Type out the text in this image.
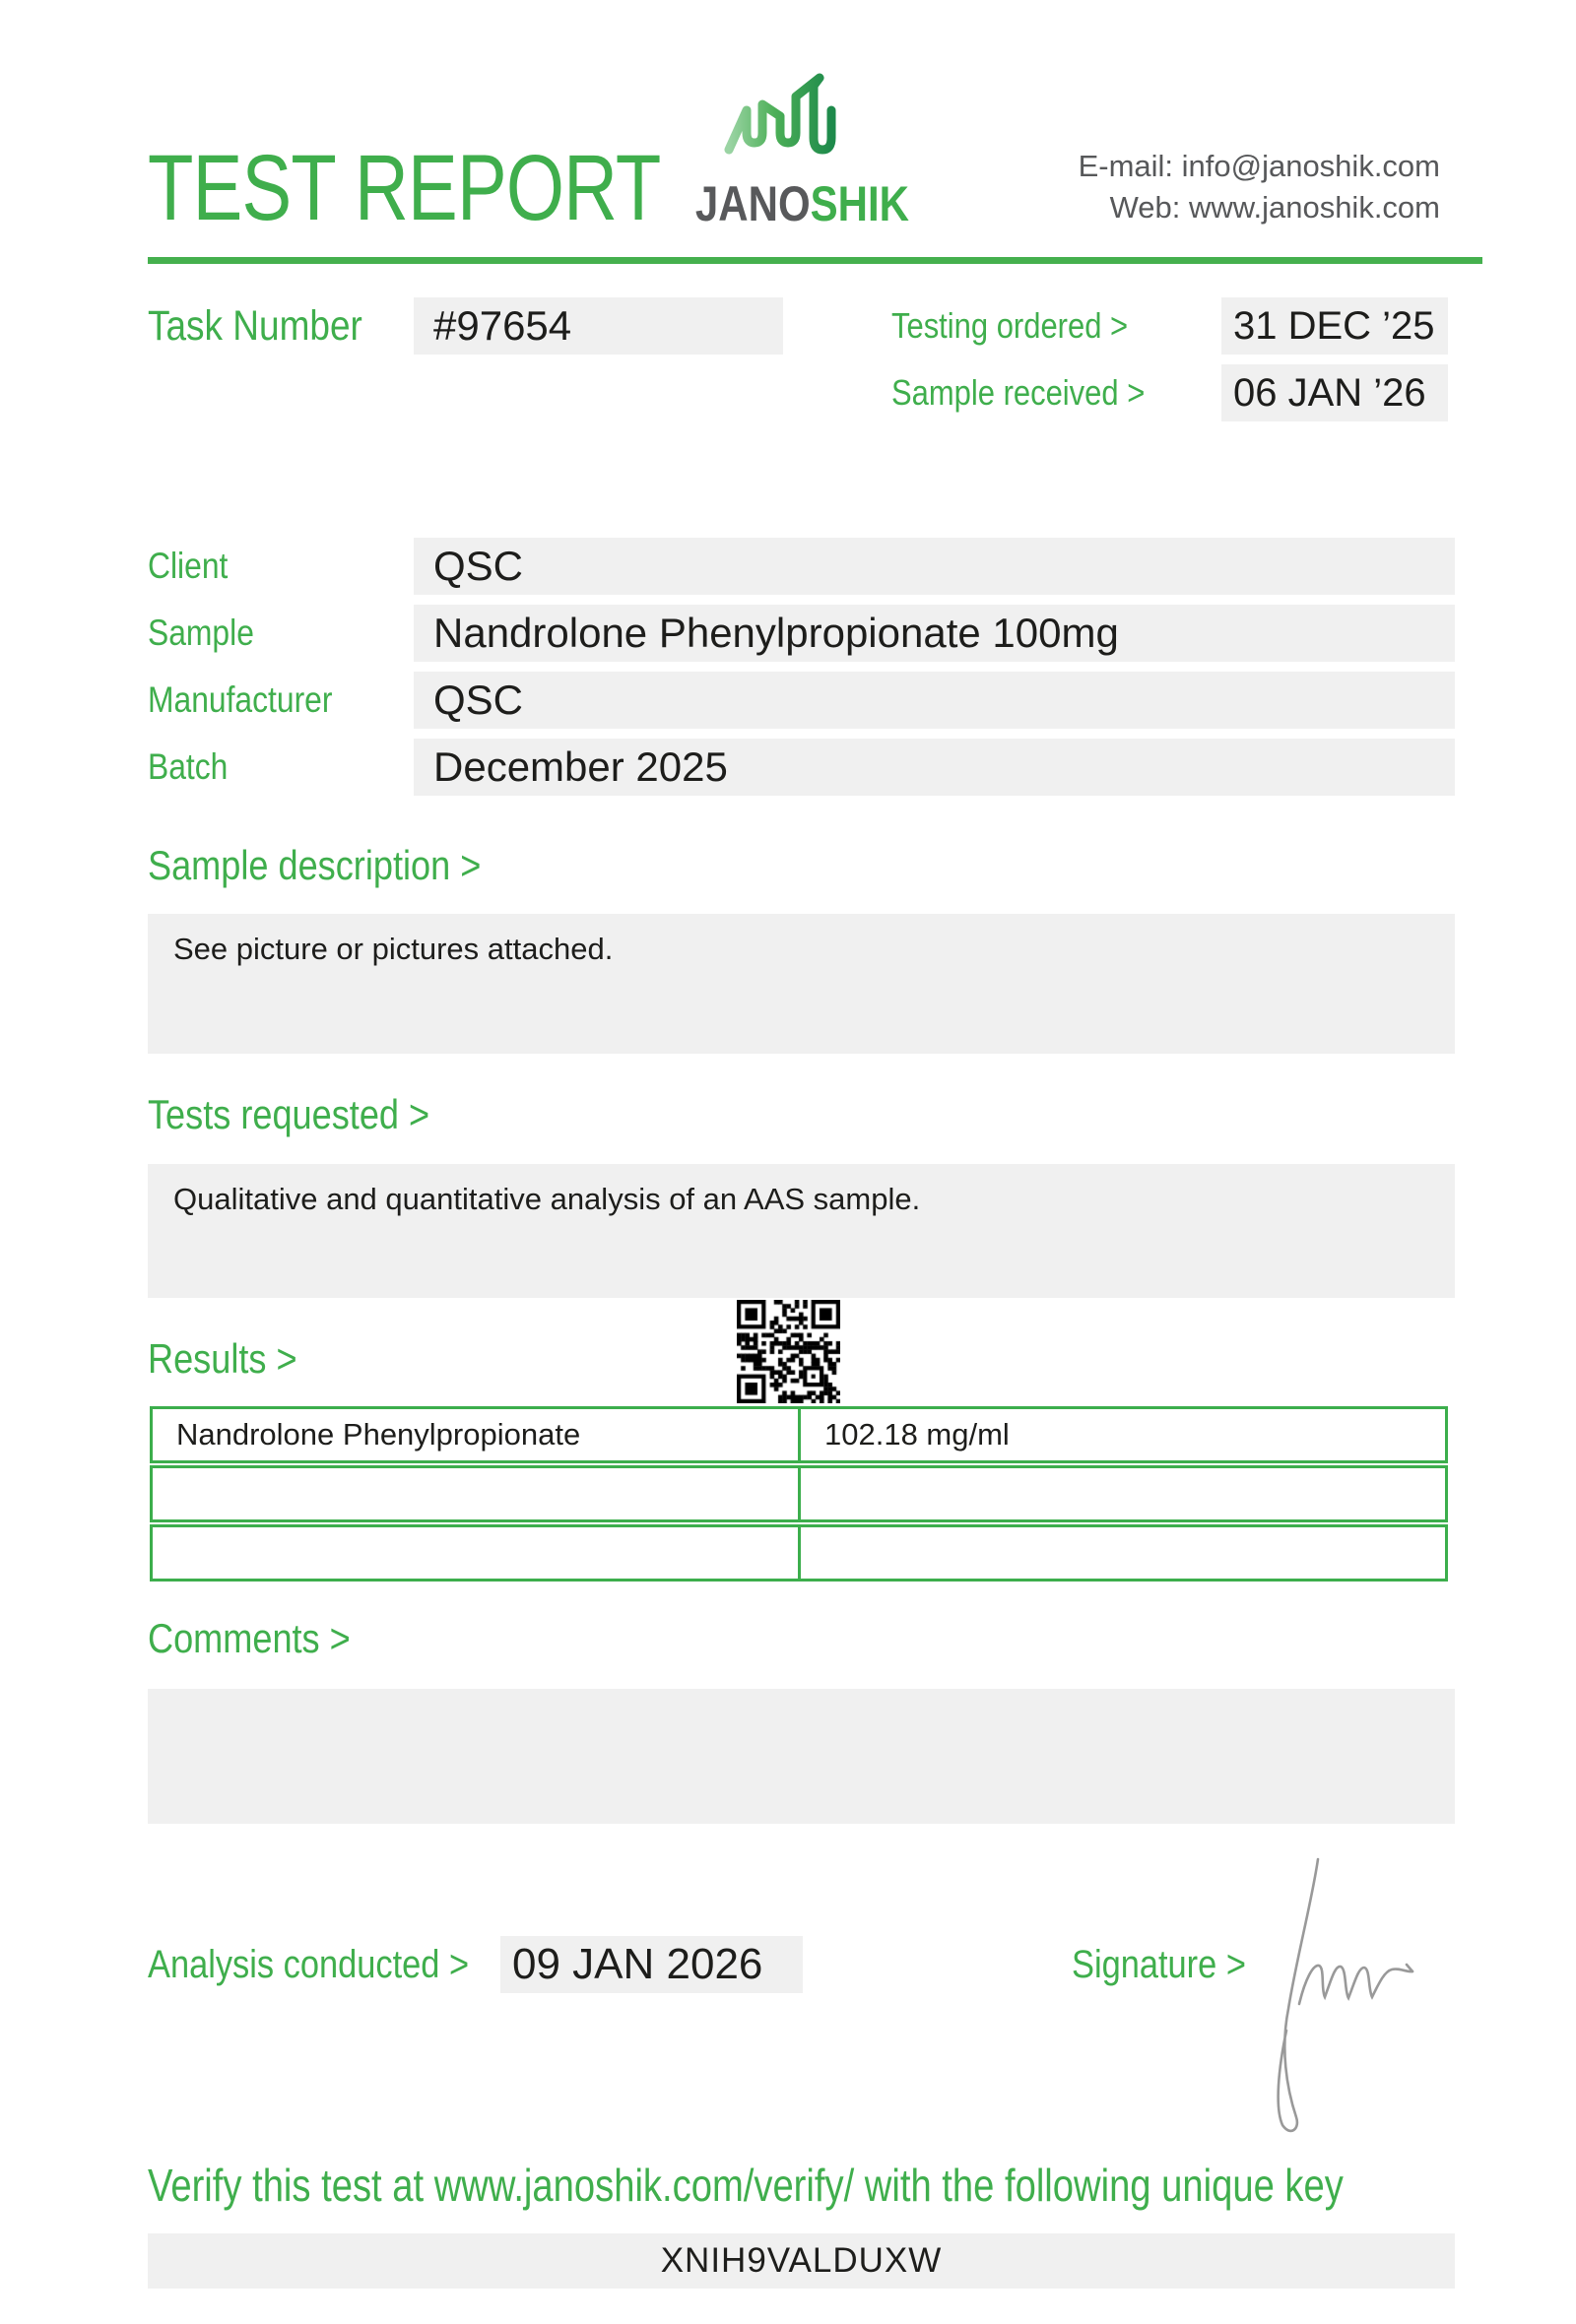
TEST REPORT JANOSHIK
E-mail: info@janoshik.com
Web: www.janoshik.com
Task Number	#97654	Testing ordered >	31 DEC ’25
Sample received >	06 JAN ’26
Client	QSC
Sample	Nandrolone Phenylpropionate 100mg
Manufacturer	QSC
Batch	December 2025
Sample description >
See picture or pictures attached.
Tests requested >
Qualitative and quantitative analysis of an AAS sample.
Results >
Nandrolone Phenylpropionate	102.18 mg/ml
Comments >
Analysis conducted > 09 JAN 2026	Signature >
Verify this test at www.janoshik.com/verify/ with the following unique key
XNIH9VALDUXW
